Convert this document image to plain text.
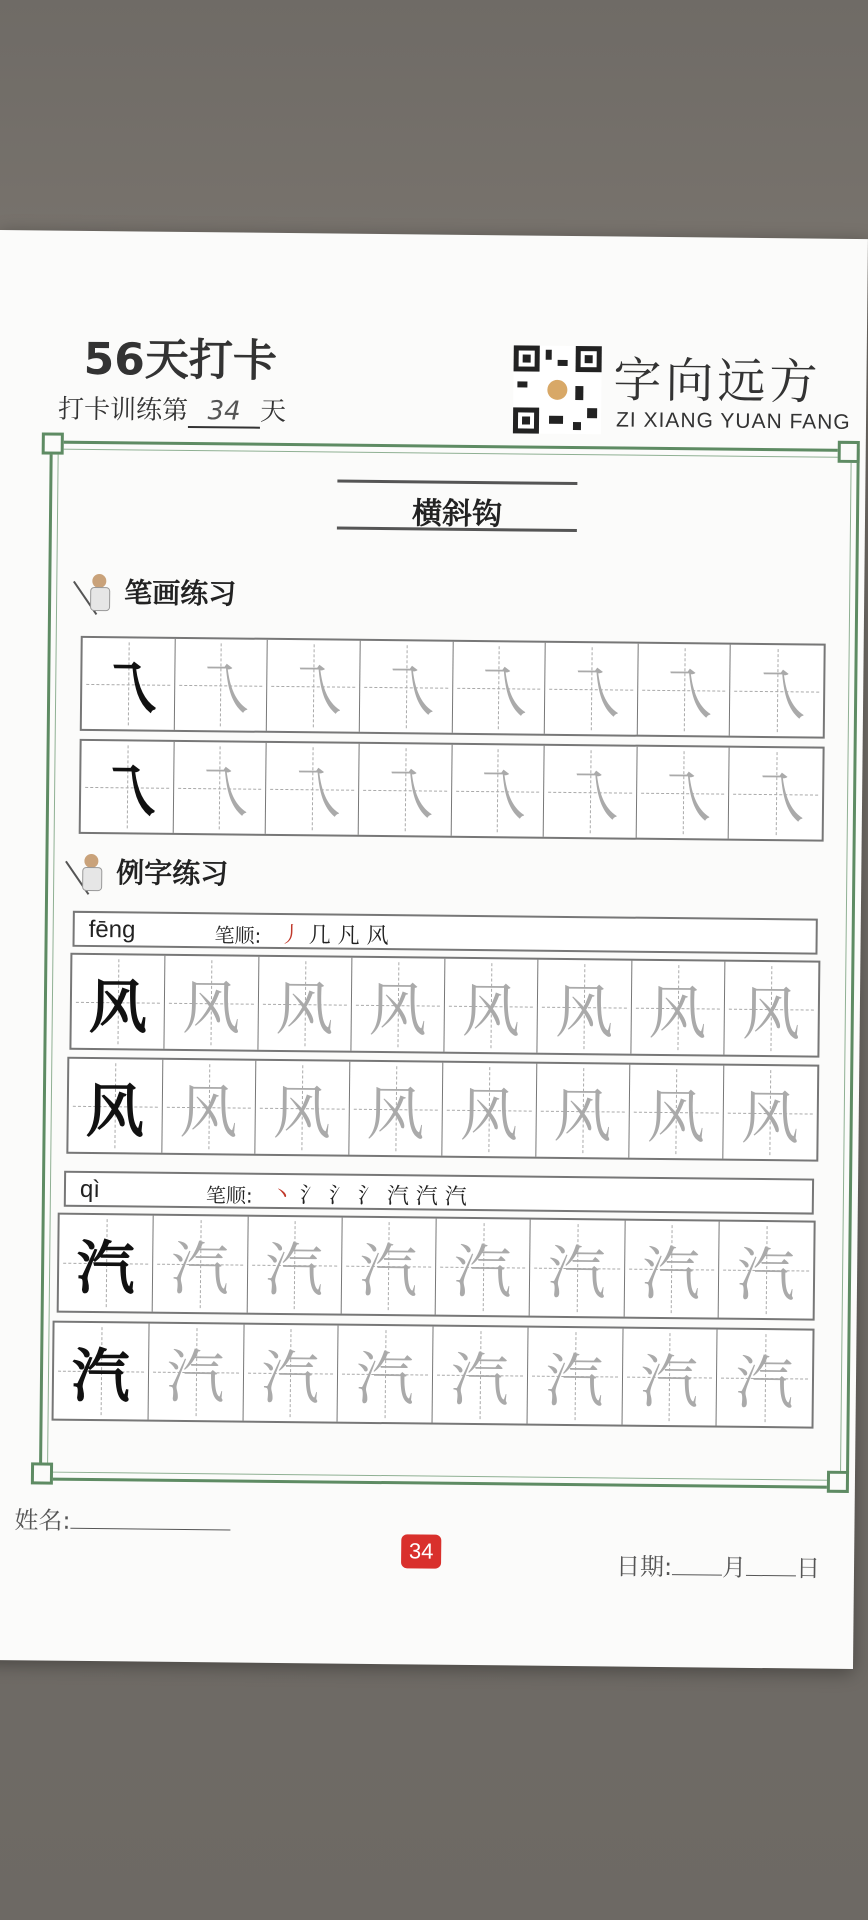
56天打卡
打卡训练第 34 天
字向远方
ZI XIANG YUAN FANG
横斜钩
笔画练习
乁 乁 乁 乁 乁 乁 乁 乁
乁 乁 乁 乁 乁 乁 乁 乁
例字练习
fēng	笔顺: 丿 几 凡 风
风 风 风 风 风 风 风 风
风 风 风 风 风 风 风 风
qì	笔顺: 丶 氵 氵 氵 汽 汽 汽
汽 汽 汽 汽 汽 汽 汽 汽
汽 汽 汽 汽 汽 汽 汽 汽
姓名:
34
日期: 月 日
